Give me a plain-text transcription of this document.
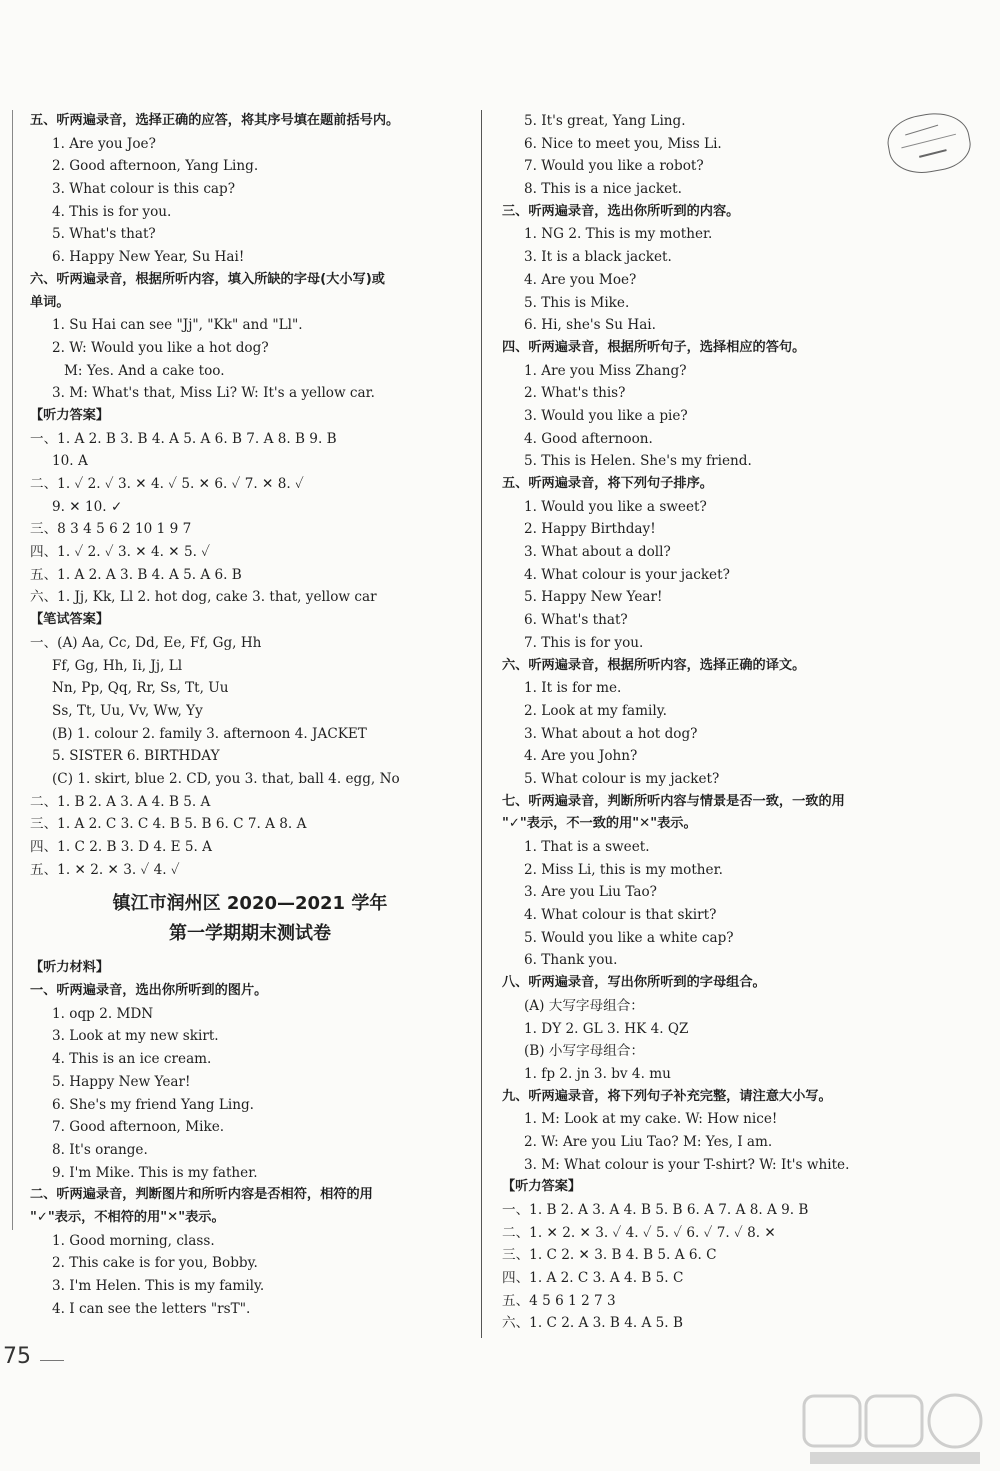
五、听两遍录音，选择正确的应答，将其序号填在题前括号内。
1. Are you Joe?
2. Good afternoon, Yang Ling.
3. What colour is this cap?
4. This is for you.
5. What's that?
6. Happy New Year, Su Hai!
六、听两遍录音，根据所听内容，填入所缺的字母(大小写)或
单词。
1. Su Hai can see "Jj", "Kk" and "Ll".
2. W: Would you like a hot dog?
M: Yes. And a cake too.
3. M: What's that, Miss Li? W: It's a yellow car.
【听力答案】
一、1. A 2. B 3. B 4. A 5. A 6. B 7. A 8. B 9. B
10. A
二、1. ✓ 2. ✓ 3. ✕ 4. ✓ 5. ✕ 6. ✓ 7. ✕ 8. ✓
9. ✕ 10. ✓
三、8 3 4 5 6 2 10 1 9 7
四、1. ✓ 2. ✓ 3. ✕ 4. ✕ 5. ✓
五、1. A 2. A 3. B 4. A 5. A 6. B
六、1. Jj, Kk, Ll 2. hot dog, cake 3. that, yellow car
【笔试答案】
一、(A) Aa, Cc, Dd, Ee, Ff, Gg, Hh
Ff, Gg, Hh, Ii, Jj, Ll
Nn, Pp, Qq, Rr, Ss, Tt, Uu
Ss, Tt, Uu, Vv, Ww, Yy
(B) 1. colour 2. family 3. afternoon 4. JACKET
5. SISTER 6. BIRTHDAY
(C) 1. skirt, blue 2. CD, you 3. that, ball 4. egg, No
二、1. B 2. A 3. A 4. B 5. A
三、1. A 2. C 3. C 4. B 5. B 6. C 7. A 8. A
四、1. C 2. B 3. D 4. E 5. A
五、1. ✕ 2. ✕ 3. ✓ 4. ✓
镇江市润州区 2020—2021 学年
第一学期期末测试卷
【听力材料】
一、听两遍录音，选出你所听到的图片。
1. oqp 2. MDN
3. Look at my new skirt.
4. This is an ice cream.
5. Happy New Year!
6. She's my friend Yang Ling.
7. Good afternoon, Mike.
8. It's orange.
9. I'm Mike. This is my father.
二、听两遍录音，判断图片和所听内容是否相符，相符的用
"✓"表示，不相符的用"✕"表示。
1. Good morning, class.
2. This cake is for you, Bobby.
3. I'm Helen. This is my family.
4. I can see the letters "rsT".
5. It's great, Yang Ling.
6. Nice to meet you, Miss Li.
7. Would you like a robot?
8. This is a nice jacket.
三、听两遍录音，选出你所听到的内容。
1. NG 2. This is my mother.
3. It is a black jacket.
4. Are you Moe?
5. This is Mike.
6. Hi, she's Su Hai.
四、听两遍录音，根据所听句子，选择相应的答句。
1. Are you Miss Zhang?
2. What's this?
3. Would you like a pie?
4. Good afternoon.
5. This is Helen. She's my friend.
五、听两遍录音，将下列句子排序。
1. Would you like a sweet?
2. Happy Birthday!
3. What about a doll?
4. What colour is your jacket?
5. Happy New Year!
6. What's that?
7. This is for you.
六、听两遍录音，根据所听内容，选择正确的译文。
1. It is for me.
2. Look at my family.
3. What about a hot dog?
4. Are you John?
5. What colour is my jacket?
七、听两遍录音，判断所听内容与情景是否一致，一致的用
"✓"表示，不一致的用"✕"表示。
1. That is a sweet.
2. Miss Li, this is my mother.
3. Are you Liu Tao?
4. What colour is that skirt?
5. Would you like a white cap?
6. Thank you.
八、听两遍录音，写出你所听到的字母组合。
(A) 大写字母组合：
1. DY 2. GL 3. HK 4. QZ
(B) 小写字母组合：
1. fp 2. jn 3. bv 4. mu
九、听两遍录音，将下列句子补充完整，请注意大小写。
1. M: Look at my cake. W: How nice!
2. W: Are you Liu Tao? M: Yes, I am.
3. M: What colour is your T-shirt? W: It's white.
【听力答案】
一、1. B 2. A 3. A 4. B 5. B 6. A 7. A 8. A 9. B
二、1. ✕ 2. ✕ 3. ✓ 4. ✓ 5. ✓ 6. ✓ 7. ✓ 8. ✕
三、1. C 2. ✕ 3. B 4. B 5. A 6. C
四、1. A 2. C 3. A 4. B 5. C
五、4 5 6 1 2 7 3
六、1. C 2. A 3. B 4. A 5. B
75
